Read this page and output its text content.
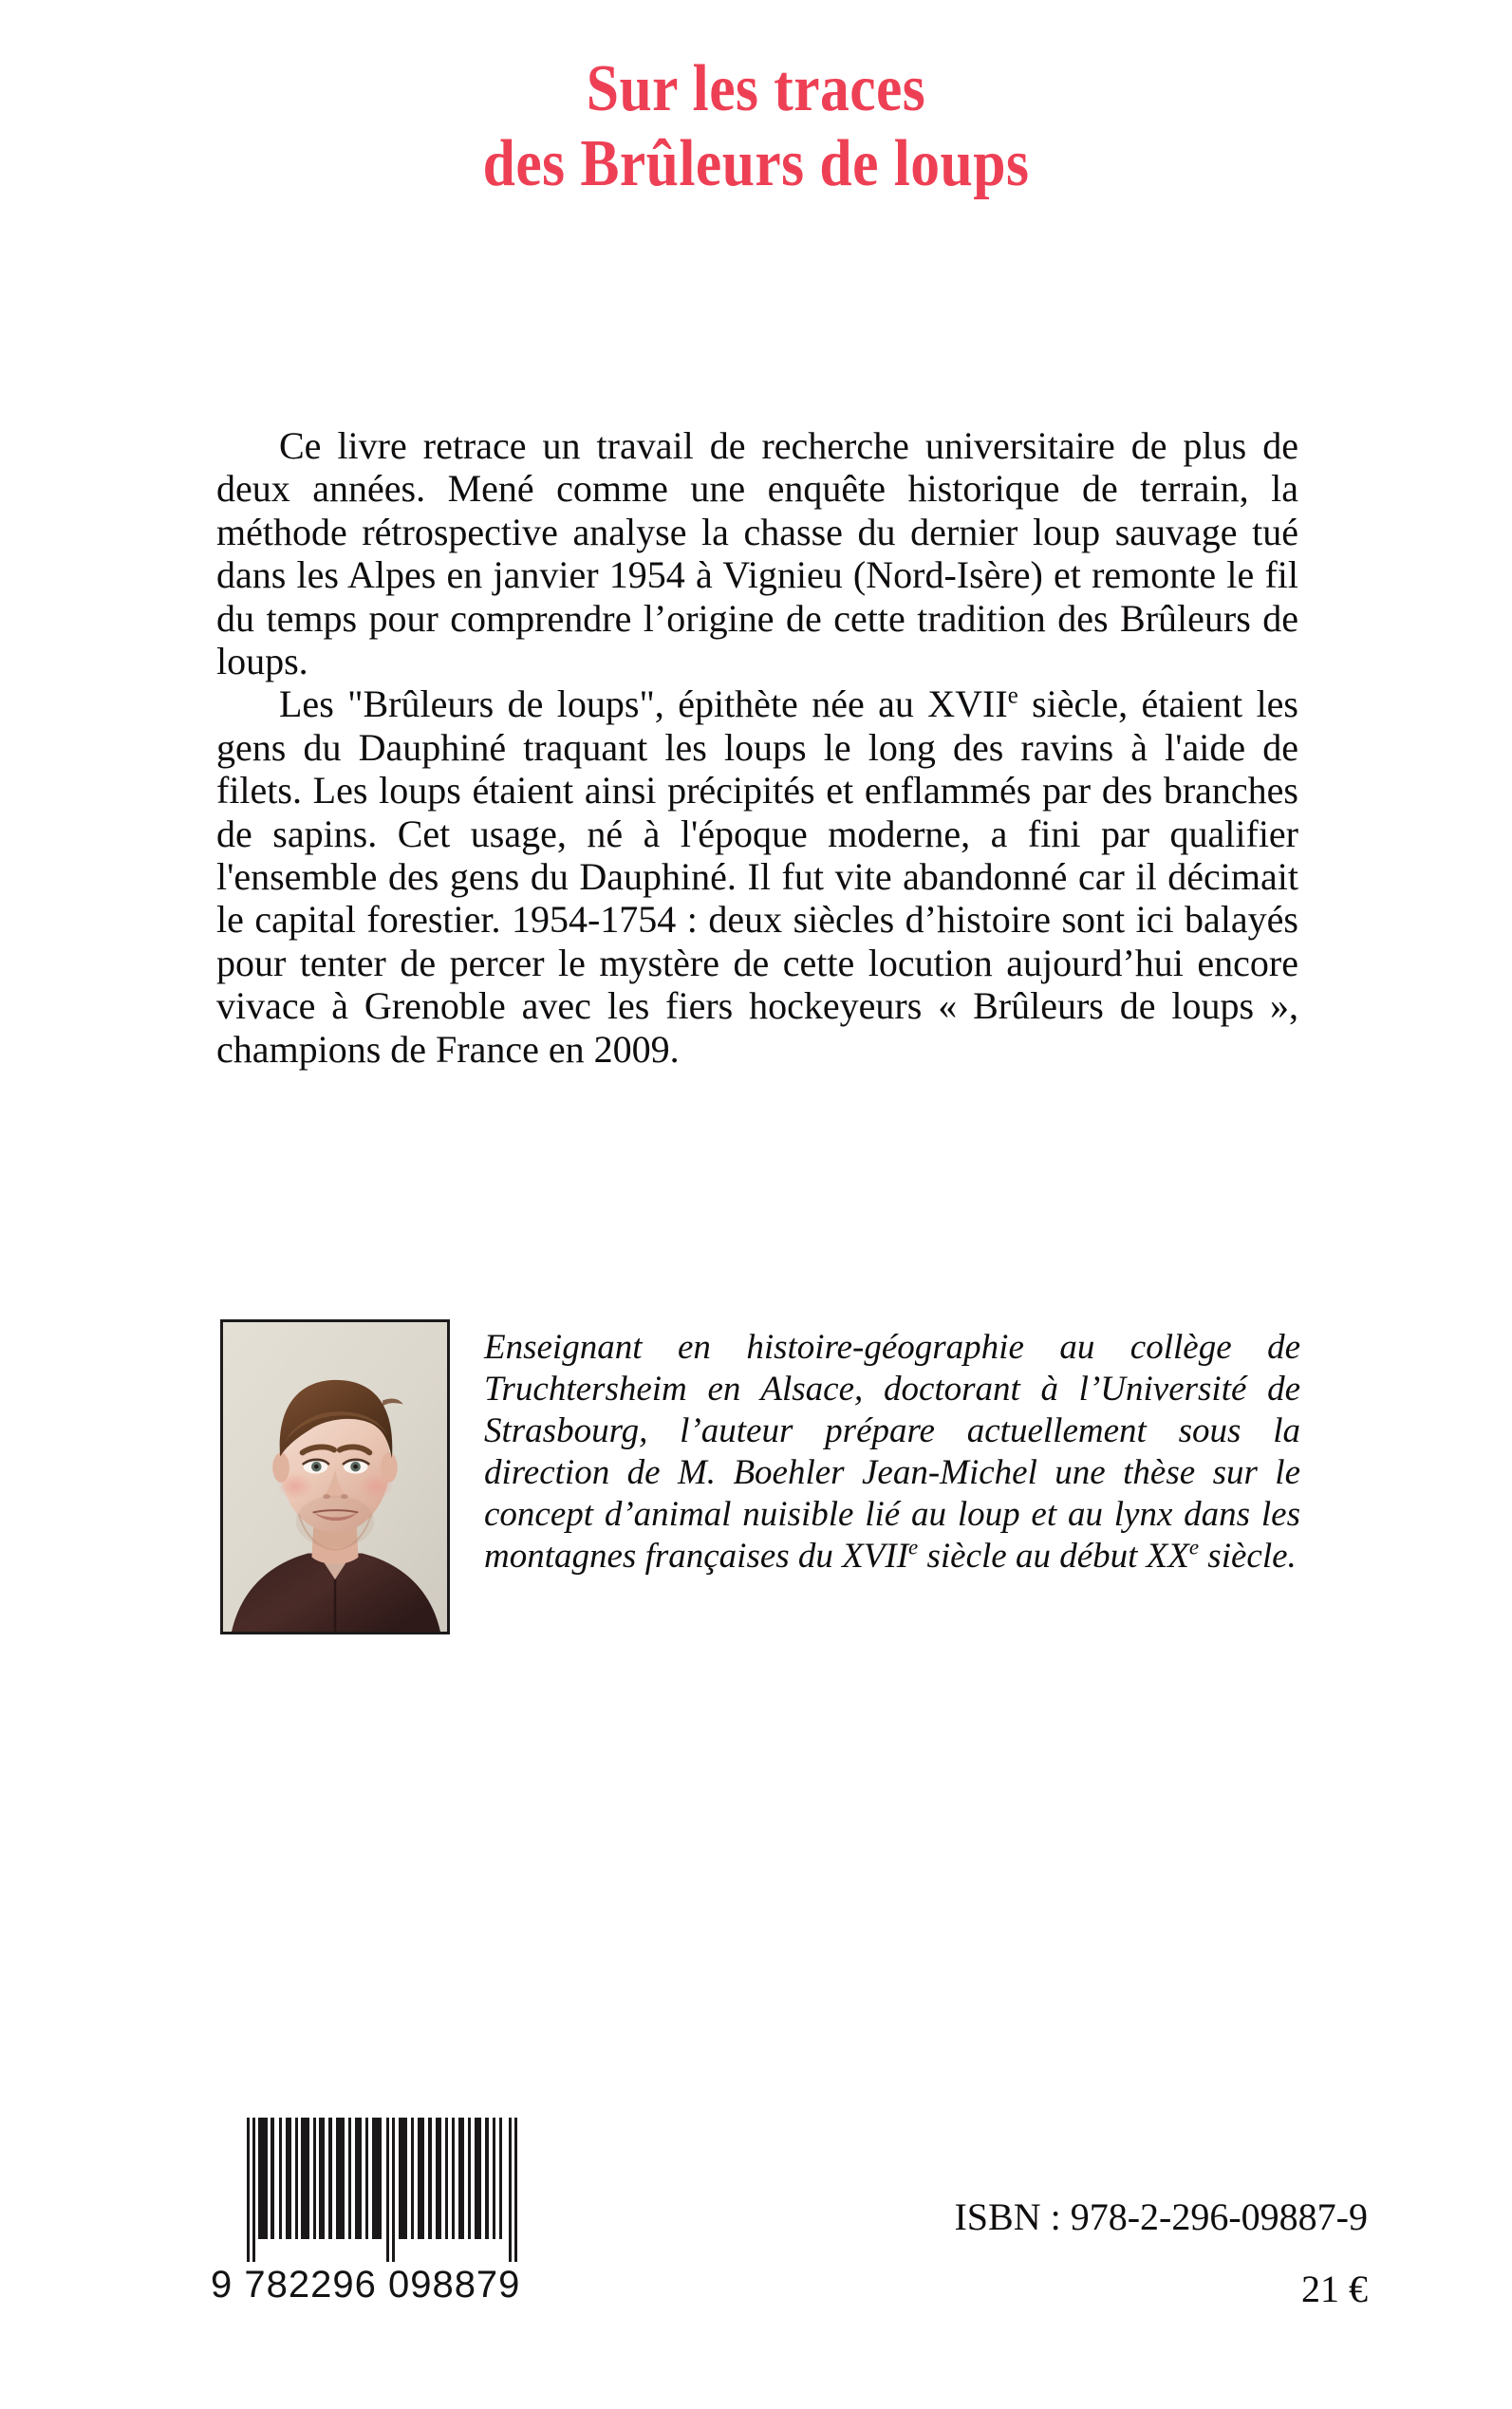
Sur les traces
des Brûleurs de loups

Ce livre retrace un travail de recherche universitaire de plus de deux années. Mené comme une enquête historique de terrain, la méthode rétrospective analyse la chasse du dernier loup sauvage tué dans les Alpes en janvier 1954 à Vignieu (Nord-Isère) et remonte le fil du temps pour comprendre l’origine de cette tradition des Brûleurs de loups.

Les "Brûleurs de loups", épithète née au XVIIe siècle, étaient les gens du Dauphiné traquant les loups le long des ravins à l'aide de filets. Les loups étaient ainsi précipités et enflammés par des branches de sapins. Cet usage, né à l'époque moderne, a fini par qualifier l'ensemble des gens du Dauphiné. Il fut vite abandonné car il décimait le capital forestier. 1954-1754 : deux siècles d’histoire sont ici balayés pour tenter de percer le mystère de cette locution aujourd’hui encore vivace à Grenoble avec les fiers hockeyeurs « Brûleurs de loups », champions de France en 2009.

Enseignant en histoire-géographie au collège de Truchtersheim en Alsace, doctorant à l’Université de Strasbourg, l’auteur prépare actuellement sous la direction de M. Boehler Jean-Michel une thèse sur le concept d’animal nuisible lié au loup et au lynx dans les montagnes françaises du XVIIe siècle au début XXe siècle.

9 782296 098879
ISBN : 978-2-296-09887-9
21 €
